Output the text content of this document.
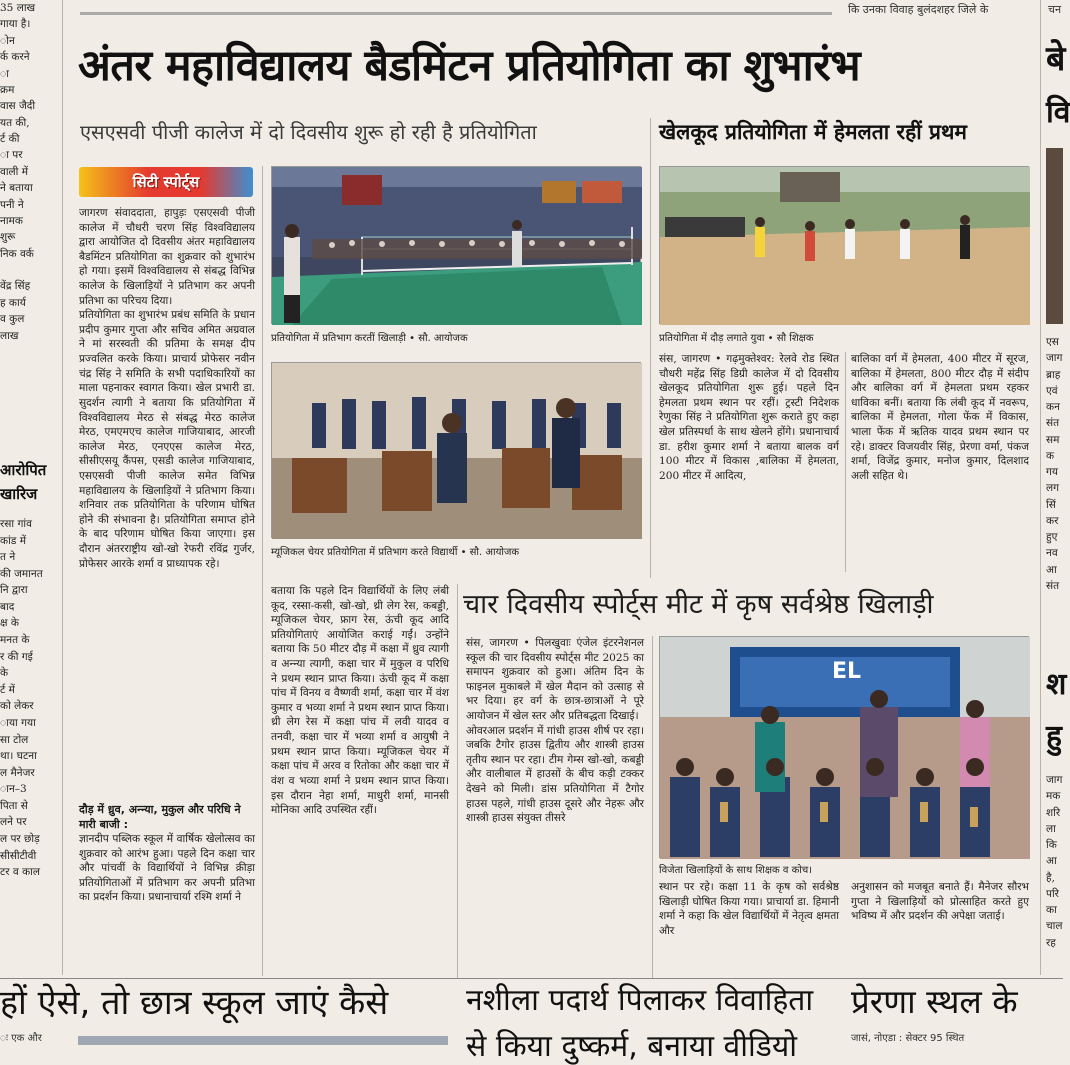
कि उनका विवाह बुलंदशहर जिले के	चन
35 लाख
गाया है।
ोन
र्क करने
ा
क्रम
वास जैदी
यत की,
र्ट की
ा पर
वाली में
ने बताया
पनी ने
नामक
शुरू
निक वर्क

वेंद्र सिंह
ह कार्य
व कुल
लाख
आरोपित
खारिज
रसा गांव
कांड में
त ने
की जमानत
नि द्वारा
बाद
क्ष के
मनत के
र की गई
के
र्ट में
को लेकर
ाया गया
सा टोल
था। घटना
ल मैनेजर
ान–3
पिता से
लने पर
ल पर छोड़
सीसीटीवी
टर व काल
अंतर महाविद्यालय बैडमिंटन प्रतियोगिता का शुभारंभ
एसएसवी पीजी कालेज में दो दिवसीय शुरू हो रही है प्रतियोगिता
सिटी स्पोर्ट्स
जागरण संवाददाता, हापुड़ः एसएसवी पीजी कालेज में चौधरी चरण सिंह विश्वविद्यालय द्वारा आयोजित दो दिवसीय अंतर महाविद्यालय बैडमिंटन प्रतियोगिता का शुक्रवार को शुभारंभ हो गया। इसमें विश्वविद्यालय से संबद्ध विभिन्न कालेज के खिलाड़ियों ने प्रतिभाग कर अपनी प्रतिभा का परिचय दिया।
प्रतियोगिता का शुभारंभ प्रबंध समिति के प्रधान प्रदीप कुमार गुप्ता और सचिव अमित अग्रवाल ने मां सरस्वती की प्रतिमा के समक्ष दीप प्रज्वलित करके किया। प्राचार्य प्रोफेसर नवीन चंद्र सिंह ने समिति के सभी पदाधिकारियों का माला पहनाकर स्वागत किया। खेल प्रभारी डा. सुदर्शन त्यागी ने बताया कि प्रतियोगिता में विश्वविद्यालय मेरठ से संबद्ध मेरठ कालेज मेरठ, एमएमएच कालेज गाजियाबाद, आरजी कालेज मेरठ, एनएएस कालेज मेरठ, सीसीएसयू कैंपस, एसडी कालेज गाजियाबाद, एसएसवी पीजी कालेज समेत विभिन्न महाविद्यालय के खिलाड़ियों ने प्रतिभाग किया। शनिवार तक प्रतियोगिता के परिणाम घोषित होने की संभावना है। प्रतियोगिता समाप्त होने के बाद परिणाम घोषित किया जाएगा। इस दौरान अंतरराष्ट्रीय खो-खो रेफरी रविंद्र गुर्जर, प्रोफेसर आरके शर्मा व प्राध्यापक रहे।
दौड़ में ध्रुव, अन्न्या, मुकुल और परिधि ने मारी बाजी :
ज्ञानदीप पब्लिक स्कूल में वार्षिक खेलोत्सव का शुक्रवार को आरंभ हुआ। पहले दिन कक्षा चार और पांचवीं के विद्यार्थियों ने विभिन्न क्रीड़ा प्रतियोगिताओं में प्रतिभाग कर अपनी प्रतिभा का प्रदर्शन किया। प्रधानाचार्या रश्मि शर्मा ने
प्रतियोगिता में प्रतिभाग करतीं खिलाड़ी • सौ. आयोजक
म्यूजिकल चेयर प्रतियोगिता में प्रतिभाग करते विद्यार्थी • सौ. आयोजक
बताया कि पहले दिन विद्यार्थियों के लिए लंबी कूद, रस्सा-कसी, खो-खो, थ्री लेग रेस, कबड्डी, म्यूजिकल चेयर, फ्राग रेस, ऊंची कूद आदि प्रतियोगिताएं आयोजित कराई गईं। उन्होंने बताया कि 50 मीटर दौड़ में कक्षा में ध्रुव त्यागी व अन्न्या त्यागी, कक्षा चार में मुकुल व परिधि ने प्रथम स्थान प्राप्त किया। ऊंची कूद में कक्षा पांच में विनय व वैष्णवी शर्मा, कक्षा चार में वंश कुमार व भव्या शर्मा ने प्रथम स्थान प्राप्त किया। थ्री लेग रेस में कक्षा पांच में लवी यादव व तनवी, कक्षा चार में भव्या शर्मा व आयुषी ने प्रथम स्थान प्राप्त किया। म्यूजिकल चेयर में कक्षा पांच में अरव व रितोका और कक्षा चार में वंश व भव्या शर्मा ने प्रथम स्थान प्राप्त किया। इस दौरान नेहा शर्मा, माधुरी शर्मा, मानसी मोनिका आदि उपस्थित रहीं।
खेलकूद प्रतियोगिता में हेमलता रहीं प्रथम
प्रतियोगिता में दौड़ लगाते युवा • सौ शिक्षक
संस, जागरण • गढ़मुक्तेश्वर: रेलवे रोड स्थित चौधरी महेंद्र सिंह डिग्री कालेज में दो दिवसीय खेलकूद प्रतियोगिता शुरू हुई। पहले दिन हेमलता प्रथम स्थान पर रहीं। ट्रस्टी निदेशक रेणुका सिंह ने प्रतियोगिता शुरू कराते हुए कहा खेल प्रतिस्पर्धा के साथ खेलने होंगे। प्रधानाचार्य डा. हरीश कुमार शर्मा ने बताया बालक वर्ग 100 मीटर में विकास ,बालिका में हेमलता, 200 मीटर में आदित्य,
बालिका वर्ग में हेमलता, 400 मीटर में सूरज, बालिका में हेमलता, 800 मीटर दौड़ में संदीप और बालिका वर्ग में हेमलता प्रथम रहकर धाविका बनीं। बताया कि लंबी कूद में नवरूप, बालिका में हेमलता, गोला फेंक में विकास, भाला फेंक में ऋतिक यादव प्रथम स्थान पर रहे। डाक्टर विजयवीर सिंह, प्रेरणा वर्मा, पंकज शर्मा, विजेंद्र कुमार, मनोज कुमार, दिलशाद अली सहित थे।
चार दिवसीय स्पोर्ट्स मीट में कृष सर्वश्रेष्ठ खिलाड़ी
संस, जागरण • पिलखुवाः एंजेल इंटरनेशनल स्कूल की चार दिवसीय स्पोर्ट्स मीट 2025 का समापन शुक्रवार को हुआ। अंतिम दिन के फाइनल मुकाबले में खेल मैदान को उत्साह से भर दिया। हर वर्ग के छात्र-छात्राओं ने पूरे आयोजन में खेल स्तर और प्रतिबद्धता दिखाई।
ओवरआल प्रदर्शन में गांधी हाउस शीर्ष पर रहा। जबकि टैगोर हाउस द्वितीय और शास्त्री हाउस तृतीय स्थान पर रहा। टीम गेम्स खो-खो, कबड्डी और वालीबाल में हाउसों के बीच कड़ी टक्कर देखने को मिली। डांस प्रतियोगिता में टैगोर हाउस पहले, गांधी हाउस दूसरे और नेहरू और शास्त्री हाउस संयुक्त तीसरे
EL
विजेता खिलाड़ियों के साथ शिक्षक व कोच।
स्थान पर रहे। कक्षा 11 के कृष को सर्वश्रेष्ठ खिलाड़ी घोषित किया गया। प्राचार्या डा. हिमानी शर्मा ने कहा कि खेल विद्यार्थियों में नेतृत्व क्षमता और
अनुशासन को मजबूत बनाते हैं। मैनेजर सौरभ गुप्ता ने खिलाड़ियों को प्रोत्साहित करते हुए भविष्य में और प्रदर्शन की अपेक्षा जताई।
बे
वि
एस
जाग
ब्राह
एवं
कन
संत
सम
क
गय
लग
सिं
कर
हुए
नव
आ
संत
श
हु
जाग
मक
शरि
ला
कि
आ
है,
परि
का
चाल
रह
हों ऐसे, तो छात्र स्कूल जाएं कैसे	नशीला पदार्थ पिलाकर विवाहिता
से किया दुष्कर्म, बनाया वीडियो
प्रेरणा स्थल के
ः एक और	जासं, नोएडा : सेक्टर 95 स्थित
